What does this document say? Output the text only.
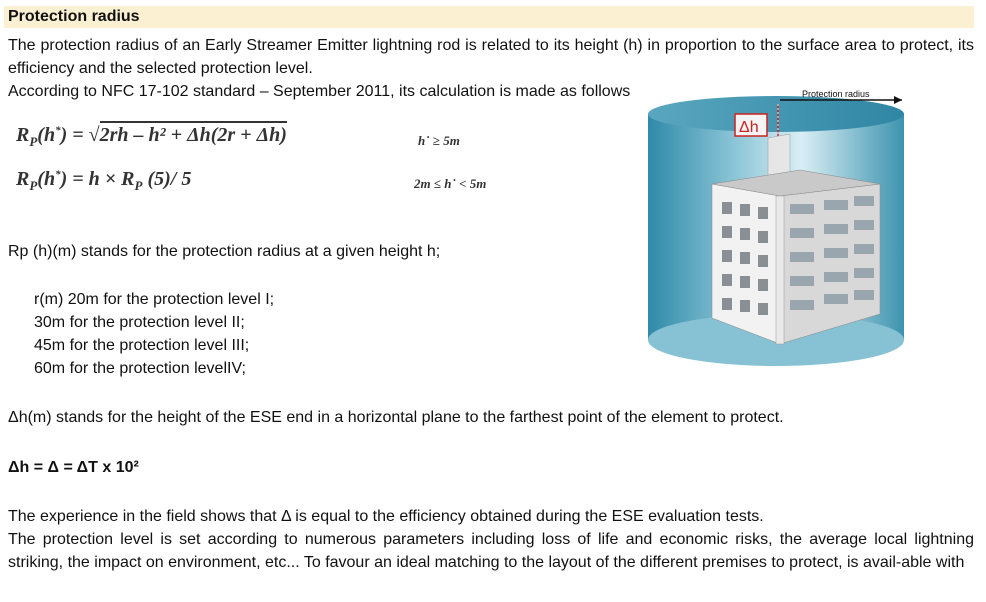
Protection radius
The protection radius of an Early Streamer Emitter lightning rod is related to its height (h) in proportion to the surface area to protect, its efficiency and the selected protection level.
According to NFC 17-102 standard – September 2011, its calculation is made as follows
$R_P(h^*) = √2rh - h^2 + \Delta h(2r + \Delta h)$	h˙ ≥ 5m
$R_P(h^*) = h \times R_P$ (5)/ 5	2m ≤ h˙ < 5m
Rp (h)(m) stands for the protection radius at a given height h;
r(m) 20m for the protection level I;
30m for the protection level II;
45m for the protection level III;
60m for the protection levelIV;
Δh(m) stands for the height of the ESE end in a horizontal plane to the farthest point of the element to protect.
Δh = Δ = ΔT x 10²
The experience in the field shows that Δ is equal to the efficiency obtained during the ESE evaluation tests.
The protection level is set according to numerous parameters including loss of life and economic risks, the average local lightning striking, the impact on environment, etc... To favour an ideal matching to the layout of the different premises to protect, is avail-able with
Protection radius
Δh
